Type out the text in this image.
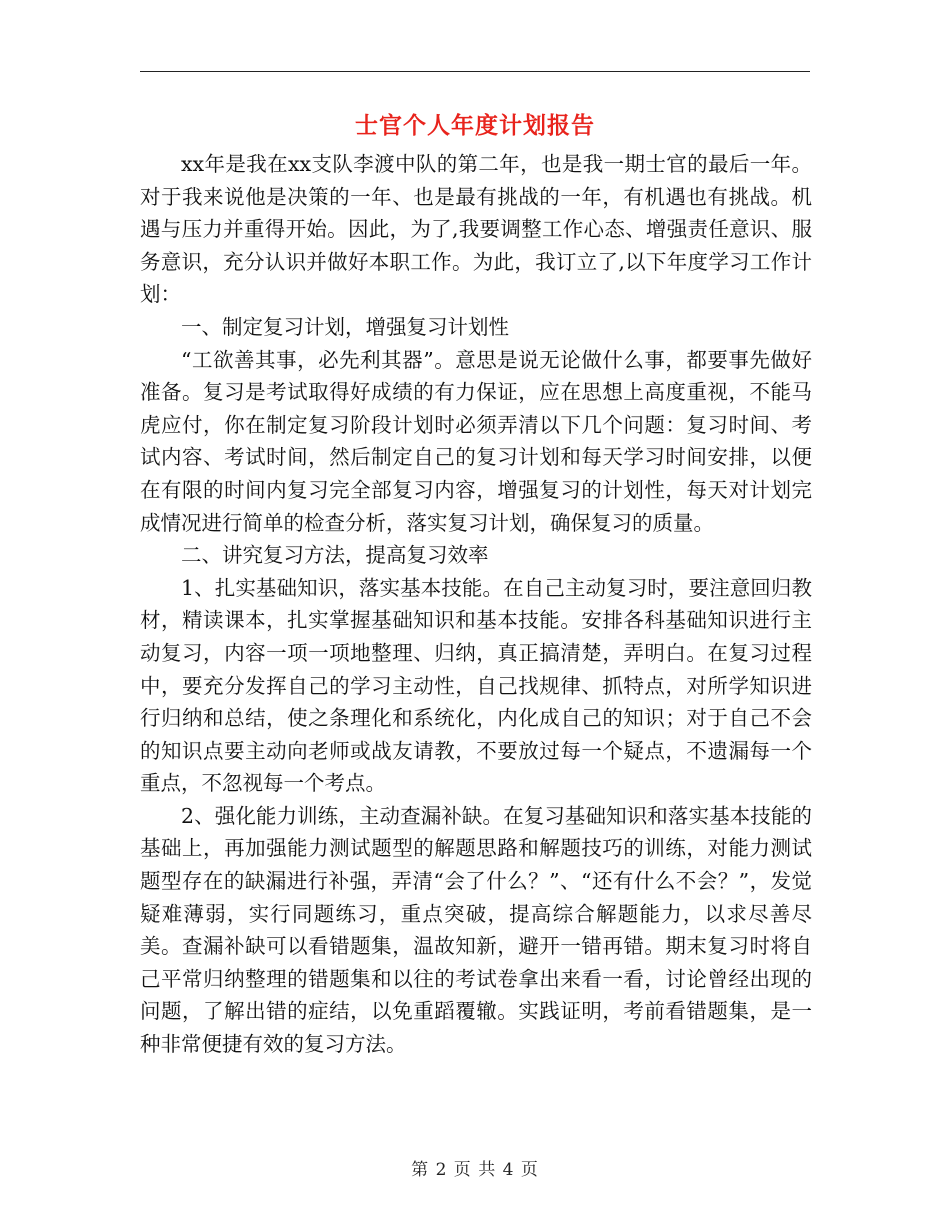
士官个人年度计划报告

xx年是我在xx支队李渡中队的第二年，也是我一期士官的最后一年。对于我来说他是决策的一年、也是最有挑战的一年，有机遇也有挑战。机遇与压力并重得开始。因此，为了,我要调整工作心态、增强责任意识、服务意识，充分认识并做好本职工作。为此，我订立了,以下年度学习工作计划：

一、制定复习计划，增强复习计划性

“工欲善其事，必先利其器”。意思是说无论做什么事，都要事先做好准备。复习是考试取得好成绩的有力保证，应在思想上高度重视，不能马虎应付，你在制定复习阶段计划时必须弄清以下几个问题：复习时间、考试内容、考试时间，然后制定自己的复习计划和每天学习时间安排，以便在有限的时间内复习完全部复习内容，增强复习的计划性，每天对计划完成情况进行简单的检查分析，落实复习计划，确保复习的质量。

二、讲究复习方法，提高复习效率

1、扎实基础知识，落实基本技能。在自己主动复习时，要注意回归教材，精读课本，扎实掌握基础知识和基本技能。安排各科基础知识进行主动复习，内容一项一项地整理、归纳，真正搞清楚，弄明白。在复习过程中，要充分发挥自己的学习主动性，自己找规律、抓特点，对所学知识进行归纳和总结，使之条理化和系统化，内化成自己的知识；对于自己不会的知识点要主动向老师或战友请教，不要放过每一个疑点，不遗漏每一个重点，不忽视每一个考点。

2、强化能力训练，主动查漏补缺。在复习基础知识和落实基本技能的基础上，再加强能力测试题型的解题思路和解题技巧的训练，对能力测试题型存在的缺漏进行补强，弄清“会了什么？”、“还有什么不会？”，发觉疑难薄弱，实行同题练习，重点突破，提高综合解题能力，以求尽善尽美。查漏补缺可以看错题集，温故知新，避开一错再错。期末复习时将自己平常归纳整理的错题集和以往的考试卷拿出来看一看，讨论曾经出现的问题，了解出错的症结，以免重蹈覆辙。实践证明，考前看错题集，是一种非常便捷有效的复习方法。

第 2 页 共 4 页
